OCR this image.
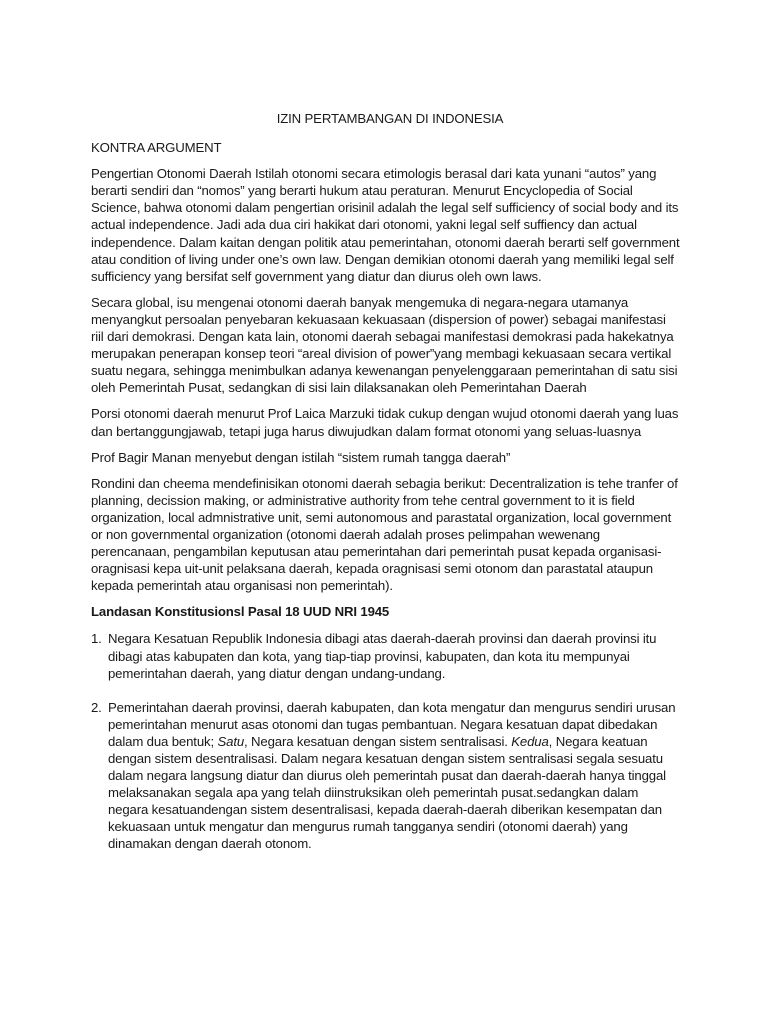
IZIN PERTAMBANGAN DI INDONESIA
KONTRA ARGUMENT

Pengertian Otonomi Daerah Istilah otonomi secara etimologis berasal dari kata yunani “autos” yang berarti sendiri dan “nomos” yang berarti hukum atau peraturan. Menurut Encyclopedia of Social Science, bahwa otonomi dalam pengertian orisinil adalah the legal self sufficiency of social body and its actual independence. Jadi ada dua ciri hakikat dari otonomi, yakni legal self suffiency dan actual independence. Dalam kaitan dengan politik atau pemerintahan, otonomi daerah berarti self government atau condition of living under one’s own law. Dengan demikian otonomi daerah yang memiliki legal self sufficiency yang bersifat self government yang diatur dan diurus oleh own laws.

Secara global, isu mengenai otonomi daerah banyak mengemuka di negara-negara utamanya menyangkut persoalan penyebaran kekuasaan kekuasaan (dispersion of power) sebagai manifestasi riil dari demokrasi. Dengan kata lain, otonomi daerah sebagai manifestasi demokrasi pada hakekatnya merupakan penerapan konsep teori “areal division of power”yang membagi kekuasaan secara vertikal suatu negara, sehingga menimbulkan adanya kewenangan penyelenggaraan pemerintahan di satu sisi oleh Pemerintah Pusat, sedangkan di sisi lain dilaksanakan oleh Pemerintahan Daerah

Porsi otonomi daerah menurut Prof Laica Marzuki tidak cukup dengan wujud otonomi daerah yang luas dan bertanggungjawab, tetapi juga harus diwujudkan dalam format otonomi yang seluas-luasnya

Prof Bagir Manan menyebut dengan istilah “sistem rumah tangga daerah”

Rondini dan cheema mendefinisikan otonomi daerah sebagia berikut: Decentralization is tehe tranfer of planning, decission making, or administrative authority from tehe central government to it is field organization, local admnistrative unit, semi autonomous and parastatal organization, local government or non governmental organization (otonomi daerah adalah proses pelimpahan wewenang perencanaan, pengambilan keputusan atau pemerintahan dari pemerintah pusat kepada organisasi-oragnisasi kepa uit-unit pelaksana daerah, kepada oragnisasi semi otonom dan parastatal ataupun kepada pemerintah atau organisasi non pemerintah).

Landasan Konstitusionsl Pasal 18 UUD NRI 1945
1. Negara Kesatuan Republik Indonesia dibagi atas daerah-daerah provinsi dan daerah provinsi itu dibagi atas kabupaten dan kota, yang tiap-tiap provinsi, kabupaten, dan kota itu mempunyai pemerintahan daerah, yang diatur dengan undang-undang.
2. Pemerintahan daerah provinsi, daerah kabupaten, dan kota mengatur dan mengurus sendiri urusan pemerintahan menurut asas otonomi dan tugas pembantuan. Negara kesatuan dapat dibedakan dalam dua bentuk; Satu, Negara kesatuan dengan sistem sentralisasi. Kedua, Negara keatuan dengan sistem desentralisasi. Dalam negara kesatuan dengan sistem sentralisasi segala sesuatu dalam negara langsung diatur dan diurus oleh pemerintah pusat dan daerah-daerah hanya tinggal melaksanakan segala apa yang telah diinstruksikan oleh pemerintah pusat.sedangkan dalam negara kesatuandengan sistem desentralisasi, kepada daerah-daerah diberikan kesempatan dan kekuasaan untuk mengatur dan mengurus rumah tangganya sendiri (otonomi daerah) yang dinamakan dengan daerah otonom.
